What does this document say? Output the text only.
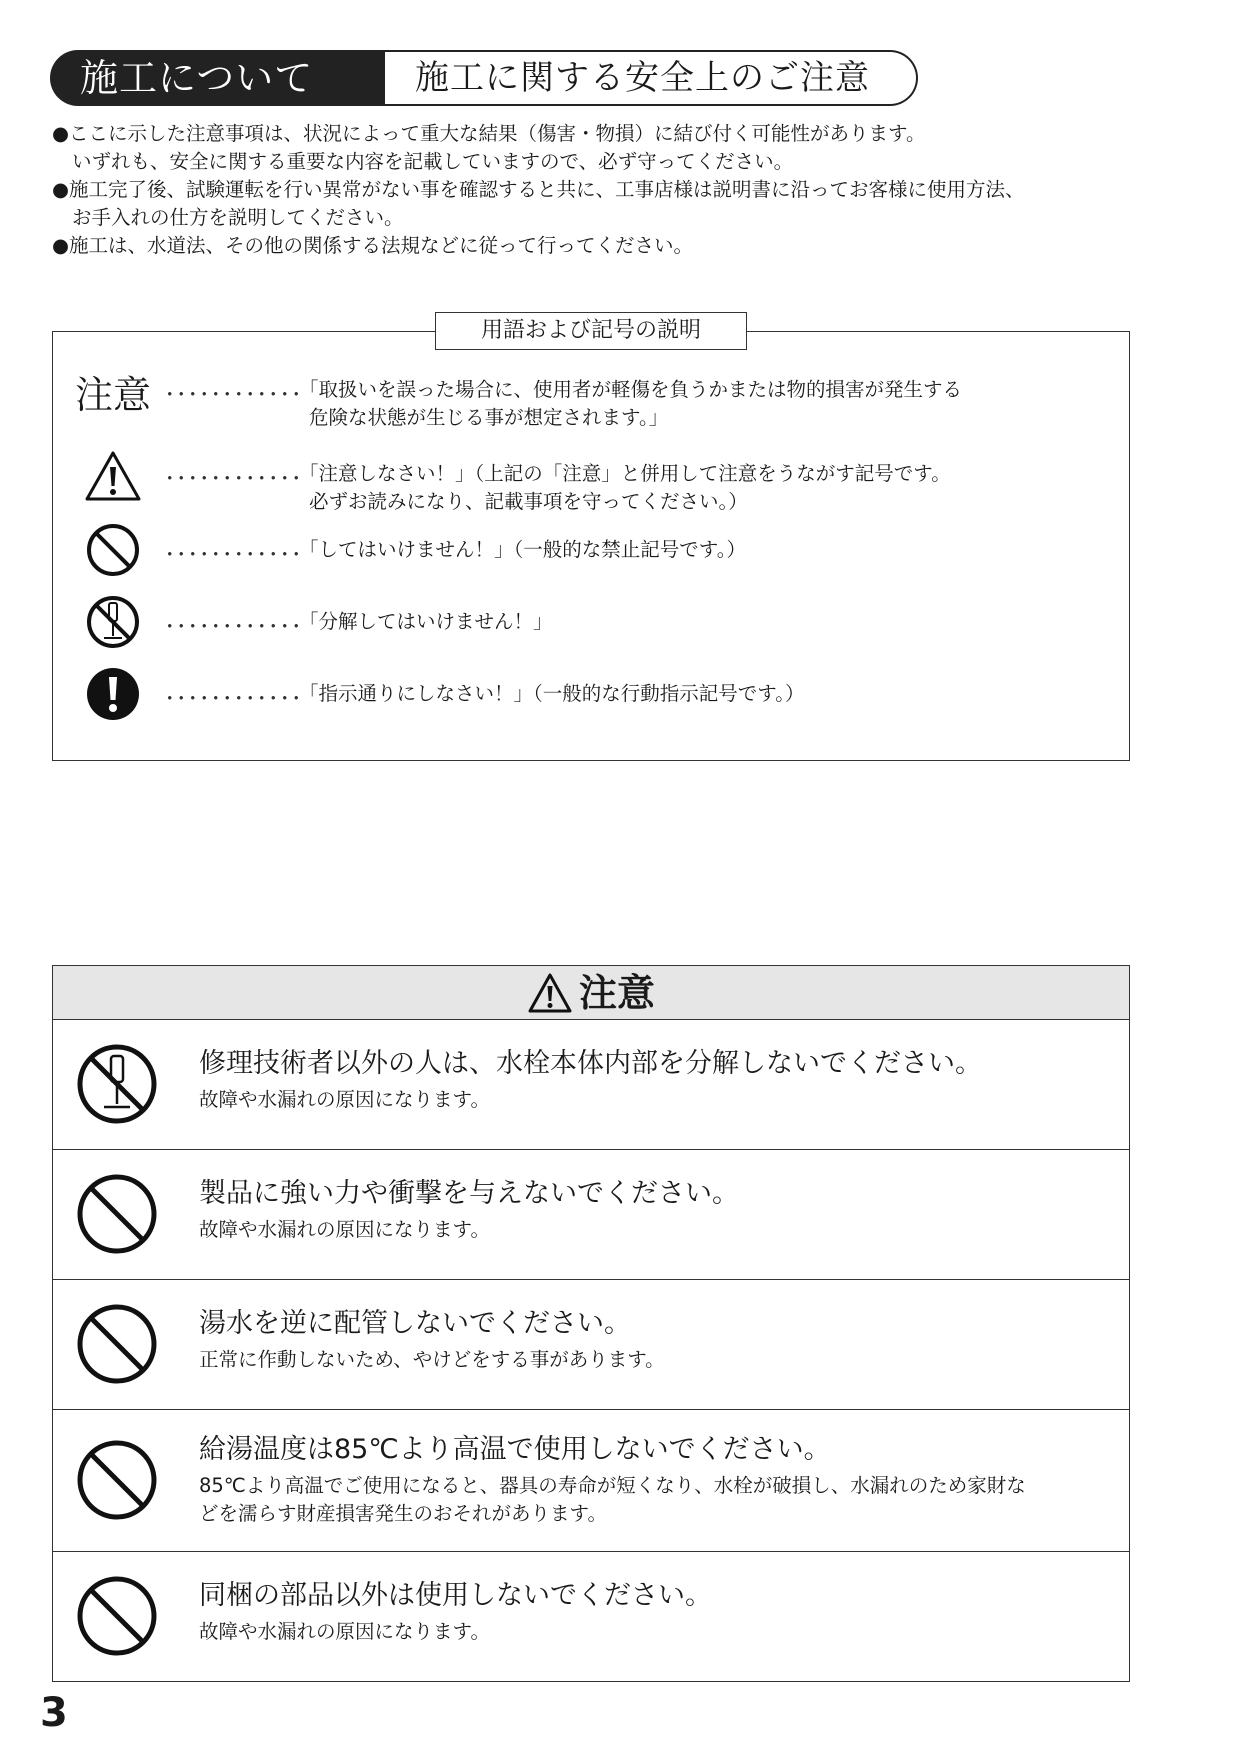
施工について	施工に関する安全上のご注意

●ここに示した注意事項は、状況によって重大な結果（傷害・物損）に結び付く可能性があります。

いずれも、安全に関する重要な内容を記載していますので、必ず守ってください。

●施工完了後、試験運転を行い異常がない事を確認すると共に、工事店様は説明書に沿ってお客様に使用方法、

お手入れの仕方を説明してください。

●施工は、水道法、その他の関係する法規などに従って行ってください。

用語および記号の説明
注意 ････････････
「取扱いを誤った場合に、使用者が軽傷を負うかまたは物的損害が発生する
危険な状態が生じる事が想定されます。」
････････････
「注意しなさい！」（上記の「注意」と併用して注意をうながす記号です。
必ずお読みになり、記載事項を守ってください。）
････････････
「してはいけません！」（一般的な禁止記号です。）
････････････
「分解してはいけません！」
････････････
「指示通りにしなさい！」（一般的な行動指示記号です。）
注意
修理技術者以外の人は、水栓本体内部を分解しないでください。
故障や水漏れの原因になります。
製品に強い力や衝撃を与えないでください。
故障や水漏れの原因になります。
湯水を逆に配管しないでください。
正常に作動しないため、やけどをする事があります。
給湯温度は85℃より高温で使用しないでください。
85℃より高温でご使用になると、器具の寿命が短くなり、水栓が破損し、水漏れのため家財な
どを濡らす財産損害発生のおそれがあります。
同梱の部品以外は使用しないでください。
故障や水漏れの原因になります。
3
